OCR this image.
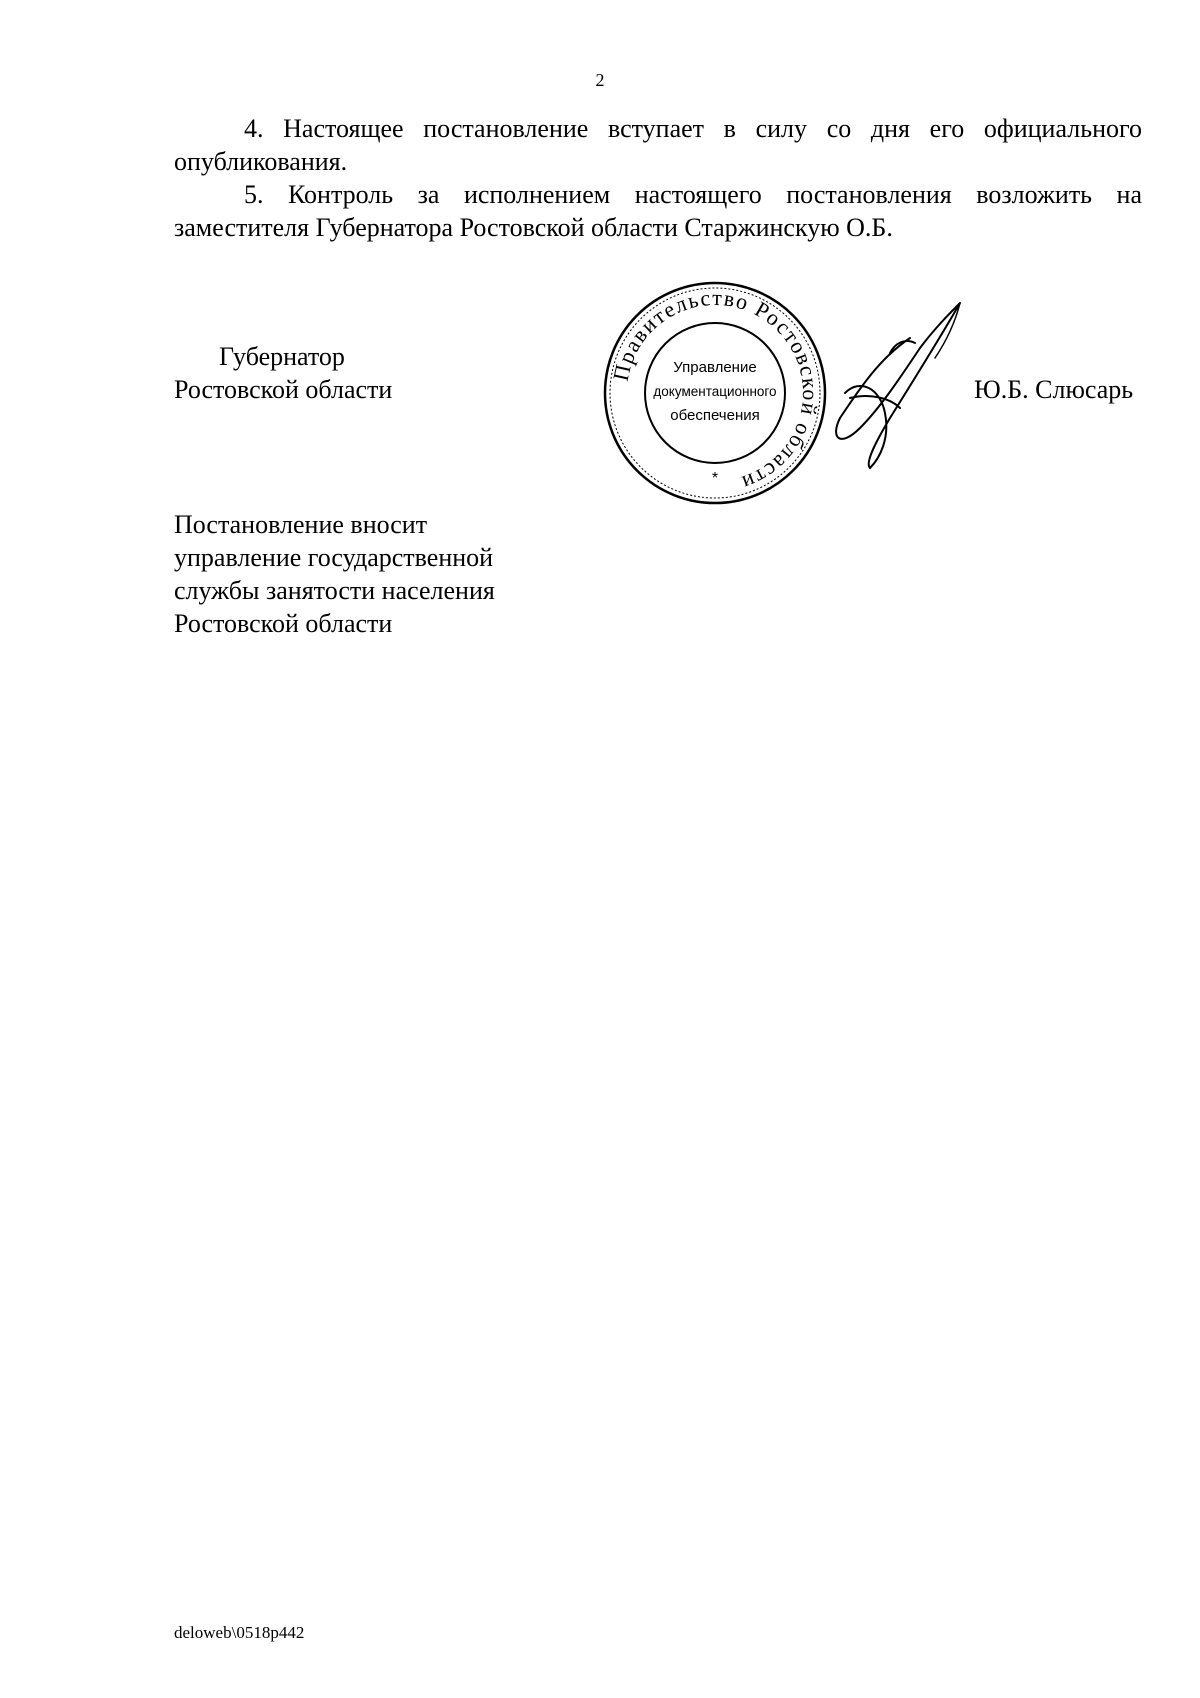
2

4. Настоящее постановление вступает в силу со дня его официального опубликования.

5. Контроль за исполнением настоящего постановления возложить на заместителя Губернатора Ростовской области Старжинскую О.Б.

Губернатор
Ростовской области
Правительство Ростовской области
Управление
документационного
обеспечения
*
Ю.Б. Слюсарь
Постановление вносит
управление государственной
службы занятости населения
Ростовской области
deloweb\0518p442
